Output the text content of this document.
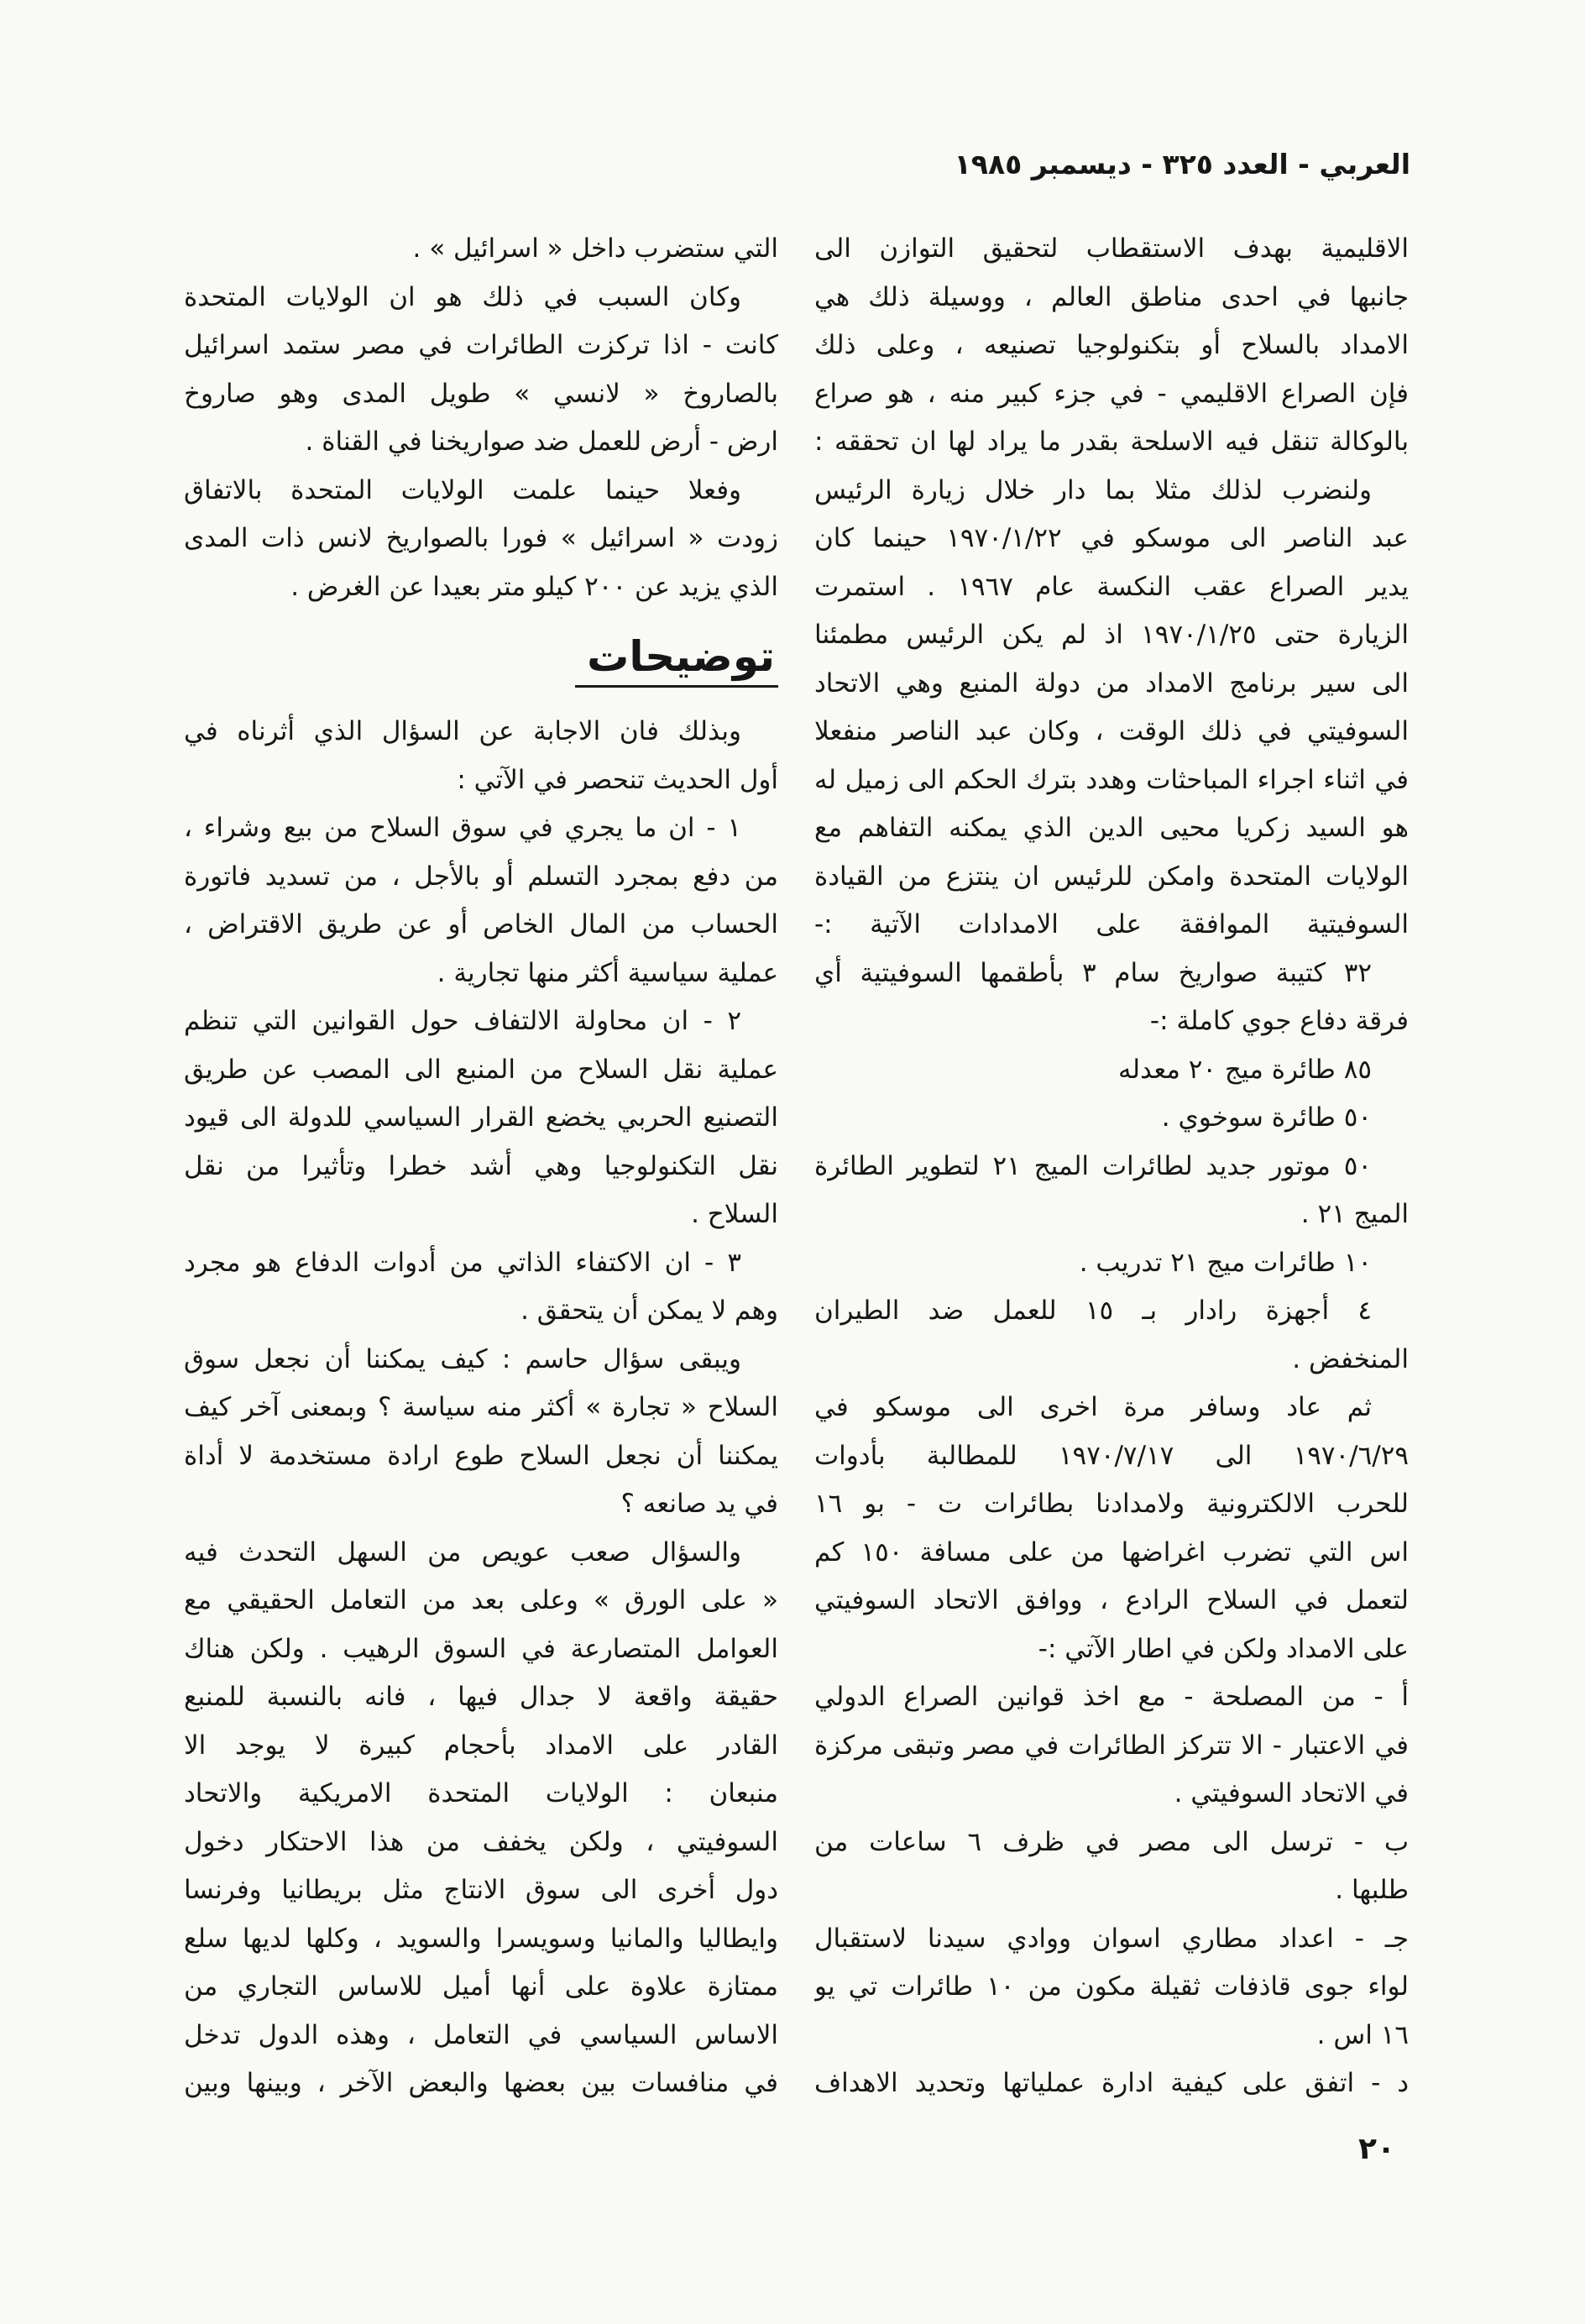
العربي - العدد ٣٢٥ - ديسمبر ١٩٨٥
الاقليمية بهدف الاستقطاب لتحقيق التوازن الى
جانبها في احدى مناطق العالم ، ووسيلة ذلك هي
الامداد بالسلاح أو بتكنولوجيا تصنيعه ، وعلى ذلك
فإن الصراع الاقليمي - في جزء كبير منه ، هو صراع
بالوكالة تنقل فيه الاسلحة بقدر ما يراد لها ان تحققه :
ولنضرب لذلك مثلا بما دار خلال زيارة الرئيس
عبد الناصر الى موسكو في ١٩٧٠/١/٢٢ حينما كان
يدير الصراع عقب النكسة عام ١٩٦٧ . استمرت
الزيارة حتى ١٩٧٠/١/٢٥ اذ لم يكن الرئيس مطمئنا
الى سير برنامج الامداد من دولة المنبع وهي الاتحاد
السوفيتي في ذلك الوقت ، وكان عبد الناصر منفعلا
في اثناء اجراء المباحثات وهدد بترك الحكم الى زميل له
هو السيد زكريا محيى الدين الذي يمكنه التفاهم مع
الولايات المتحدة وامكن للرئيس ان ينتزع من القيادة
السوفيتية الموافقة على الامدادات الآتية :-
٣٢ كتيبة صواريخ سام ٣ بأطقمها السوفيتية أي
فرقة دفاع جوي كاملة :-
٨٥ طائرة ميج ٢٠ معدله
٥٠ طائرة سوخوي .
٥٠ موتور جديد لطائرات الميج ٢١ لتطوير الطائرة
الميج ٢١ .
١٠ طائرات ميج ٢١ تدريب .
٤ أجهزة رادار بـ ١٥ للعمل ضد الطيران
المنخفض .
ثم عاد وسافر مرة اخرى الى موسكو في
١٩٧٠/٦/٢٩ الى ١٩٧٠/٧/١٧ للمطالبة بأدوات
للحرب الالكترونية ولامدادنا بطائرات ت - بو ١٦
اس التي تضرب اغراضها من على مسافة ١٥٠ كم
لتعمل في السلاح الرادع ، ووافق الاتحاد السوفيتي
على الامداد ولكن في اطار الآتي :-
أ - من المصلحة - مع اخذ قوانين الصراع الدولي
في الاعتبار - الا تتركز الطائرات في مصر وتبقى مركزة
في الاتحاد السوفيتي .
ب - ترسل الى مصر في ظرف ٦ ساعات من
طلبها .
جـ - اعداد مطاري اسوان ووادي سيدنا لاستقبال
لواء جوى قاذفات ثقيلة مكون من ١٠ طائرات تي يو
١٦ اس .
د - اتفق على كيفية ادارة عملياتها وتحديد الاهداف
التي ستضرب داخل « اسرائيل » .
وكان السبب في ذلك هو ان الولايات المتحدة
كانت - اذا تركزت الطائرات في مصر ستمد اسرائيل
بالصاروخ « لانسي » طويل المدى وهو صاروخ
ارض - أرض للعمل ضد صواريخنا في القناة .
وفعلا حينما علمت الولايات المتحدة بالاتفاق
زودت « اسرائيل » فورا بالصواريخ لانس ذات المدى
الذي يزيد عن ٢٠٠ كيلو متر بعيدا عن الغرض .
توضيحات
وبذلك فان الاجابة عن السؤال الذي أثرناه في
أول الحديث تنحصر في الآتي :
١ - ان ما يجري في سوق السلاح من بيع وشراء ،
من دفع بمجرد التسلم أو بالأجل ، من تسديد فاتورة
الحساب من المال الخاص أو عن طريق الاقتراض ،
عملية سياسية أكثر منها تجارية .
٢ - ان محاولة الالتفاف حول القوانين التي تنظم
عملية نقل السلاح من المنبع الى المصب عن طريق
التصنيع الحربي يخضع القرار السياسي للدولة الى قيود
نقل التكنولوجيا وهي أشد خطرا وتأثيرا من نقل
السلاح .
٣ - ان الاكتفاء الذاتي من أدوات الدفاع هو مجرد
وهم لا يمكن أن يتحقق .
ويبقى سؤال حاسم : كيف يمكننا أن نجعل سوق
السلاح « تجارة » أكثر منه سياسة ؟ وبمعنى آخر كيف
يمكننا أن نجعل السلاح طوع ارادة مستخدمة لا أداة
في يد صانعه ؟
والسؤال صعب عويص من السهل التحدث فيه
« على الورق » وعلى بعد من التعامل الحقيقي مع
العوامل المتصارعة في السوق الرهيب . ولكن هناك
حقيقة واقعة لا جدال فيها ، فانه بالنسبة للمنبع
القادر على الامداد بأحجام كبيرة لا يوجد الا
منبعان : الولايات المتحدة الامريكية والاتحاد
السوفيتي ، ولكن يخفف من هذا الاحتكار دخول
دول أخرى الى سوق الانتاج مثل بريطانيا وفرنسا
وايطاليا والمانيا وسويسرا والسويد ، وكلها لديها سلع
ممتازة علاوة على أنها أميل للاساس التجاري من
الاساس السياسي في التعامل ، وهذه الدول تدخل
في منافسات بين بعضها والبعض الآخر ، وبينها وبين
٢٠
